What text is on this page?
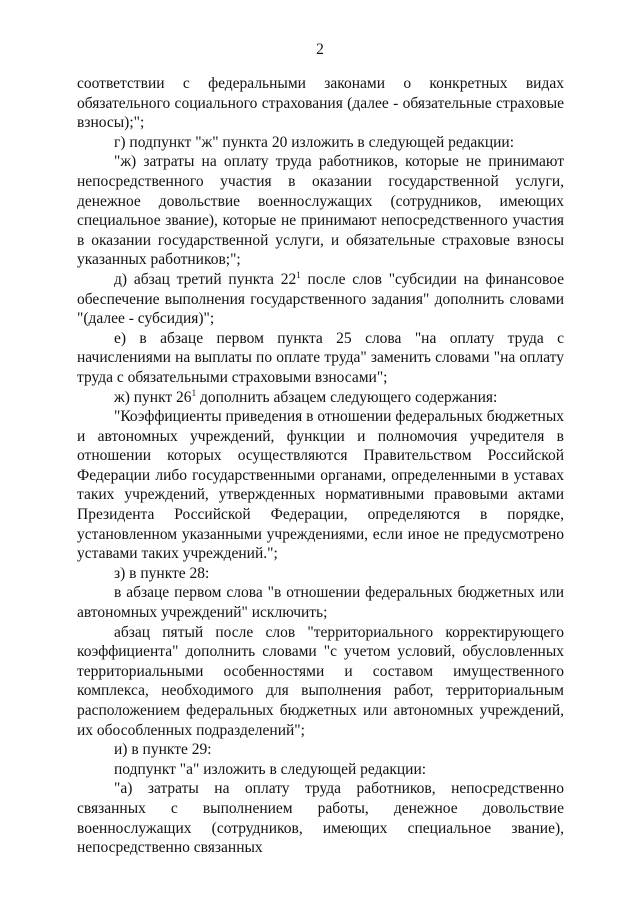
2

соответствии с федеральными законами о конкретных видах обязательного социального страхования (далее - обязательные страховые взносы);";

г) подпункт "ж" пункта 20 изложить в следующей редакции:

"ж) затраты на оплату труда работников, которые не принимают непосредственного участия в оказании государственной услуги, денежное довольствие военнослужащих (сотрудников, имеющих специальное звание), которые не принимают непосредственного участия в оказании государственной услуги, и обязательные страховые взносы указанных работников;";

д) абзац третий пункта $22^1$ после слов "субсидии на финансовое обеспечение выполнения государственного задания" дополнить словами "(далее - субсидия)";

е) в абзаце первом пункта 25 слова "на оплату труда с начислениями на выплаты по оплате труда" заменить словами "на оплату труда с обязательными страховыми взносами";

ж) пункт $26^1$ дополнить абзацем следующего содержания:

"Коэффициенты приведения в отношении федеральных бюджетных и автономных учреждений, функции и полномочия учредителя в отношении которых осуществляются Правительством Российской Федерации либо государственными органами, определенными в уставах таких учреждений, утвержденных нормативными правовыми актами Президента Российской Федерации, определяются в порядке, установленном указанными учреждениями, если иное не предусмотрено уставами таких учреждений.";

з) в пункте 28:

в абзаце первом слова "в отношении федеральных бюджетных или автономных учреждений" исключить;

абзац пятый после слов "территориального корректирующего коэффициента" дополнить словами "с учетом условий, обусловленных территориальными особенностями и составом имущественного комплекса, необходимого для выполнения работ, территориальным расположением федеральных бюджетных или автономных учреждений, их обособленных подразделений";

и) в пункте 29:

подпункт "а" изложить в следующей редакции:

"а) затраты на оплату труда работников, непосредственно связанных с выполнением работы, денежное довольствие военнослужащих (сотрудников, имеющих специальное звание), непосредственно связанных
